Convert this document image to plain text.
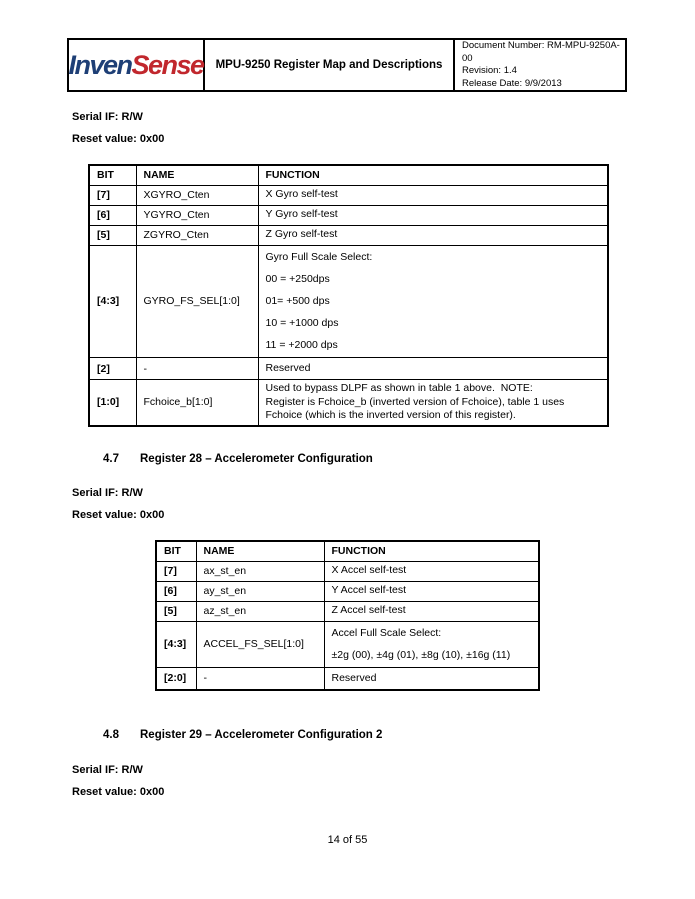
InvenSense	MPU-9250 Register Map and Descriptions
Document Number: RM-MPU-9250A-00
Revision: 1.4
Release Date: 9/9/2013
Serial IF: R/W
Reset value: 0x00
BIT	NAME	FUNCTION
[7]	XGYRO_Cten	X Gyro self-test

[6]	YGYRO_Cten	Y Gyro self-test

[5]	ZGYRO_Cten	Z Gyro self-test

[4:3]	GYRO_FS_SEL[1:0]	Gyro Full Scale Select:
00 = +250dps
01= +500 dps
10 = +1000 dps
11 = +2000 dps

[2]	-	Reserved

[1:0]	Fchoice_b[1:0]	Used to bypass DLPF as shown in table 1 above.  NOTE:
Register is Fchoice_b (inverted version of Fchoice), table 1 uses
Fchoice (which is the inverted version of this register).
4.7	Register 28 – Accelerometer Configuration
Serial IF: R/W
Reset value: 0x00
BIT	NAME	FUNCTION
[7]	ax_st_en	X Accel self-test

[6]	ay_st_en	Y Accel self-test

[5]	az_st_en	Z Accel self-test

[4:3]	ACCEL_FS_SEL[1:0]	Accel Full Scale Select:
±2g (00), ±4g (01), ±8g (10), ±16g (11)

[2:0]	-	Reserved
4.8	Register 29 – Accelerometer Configuration 2
Serial IF: R/W
Reset value: 0x00
14 of 55
